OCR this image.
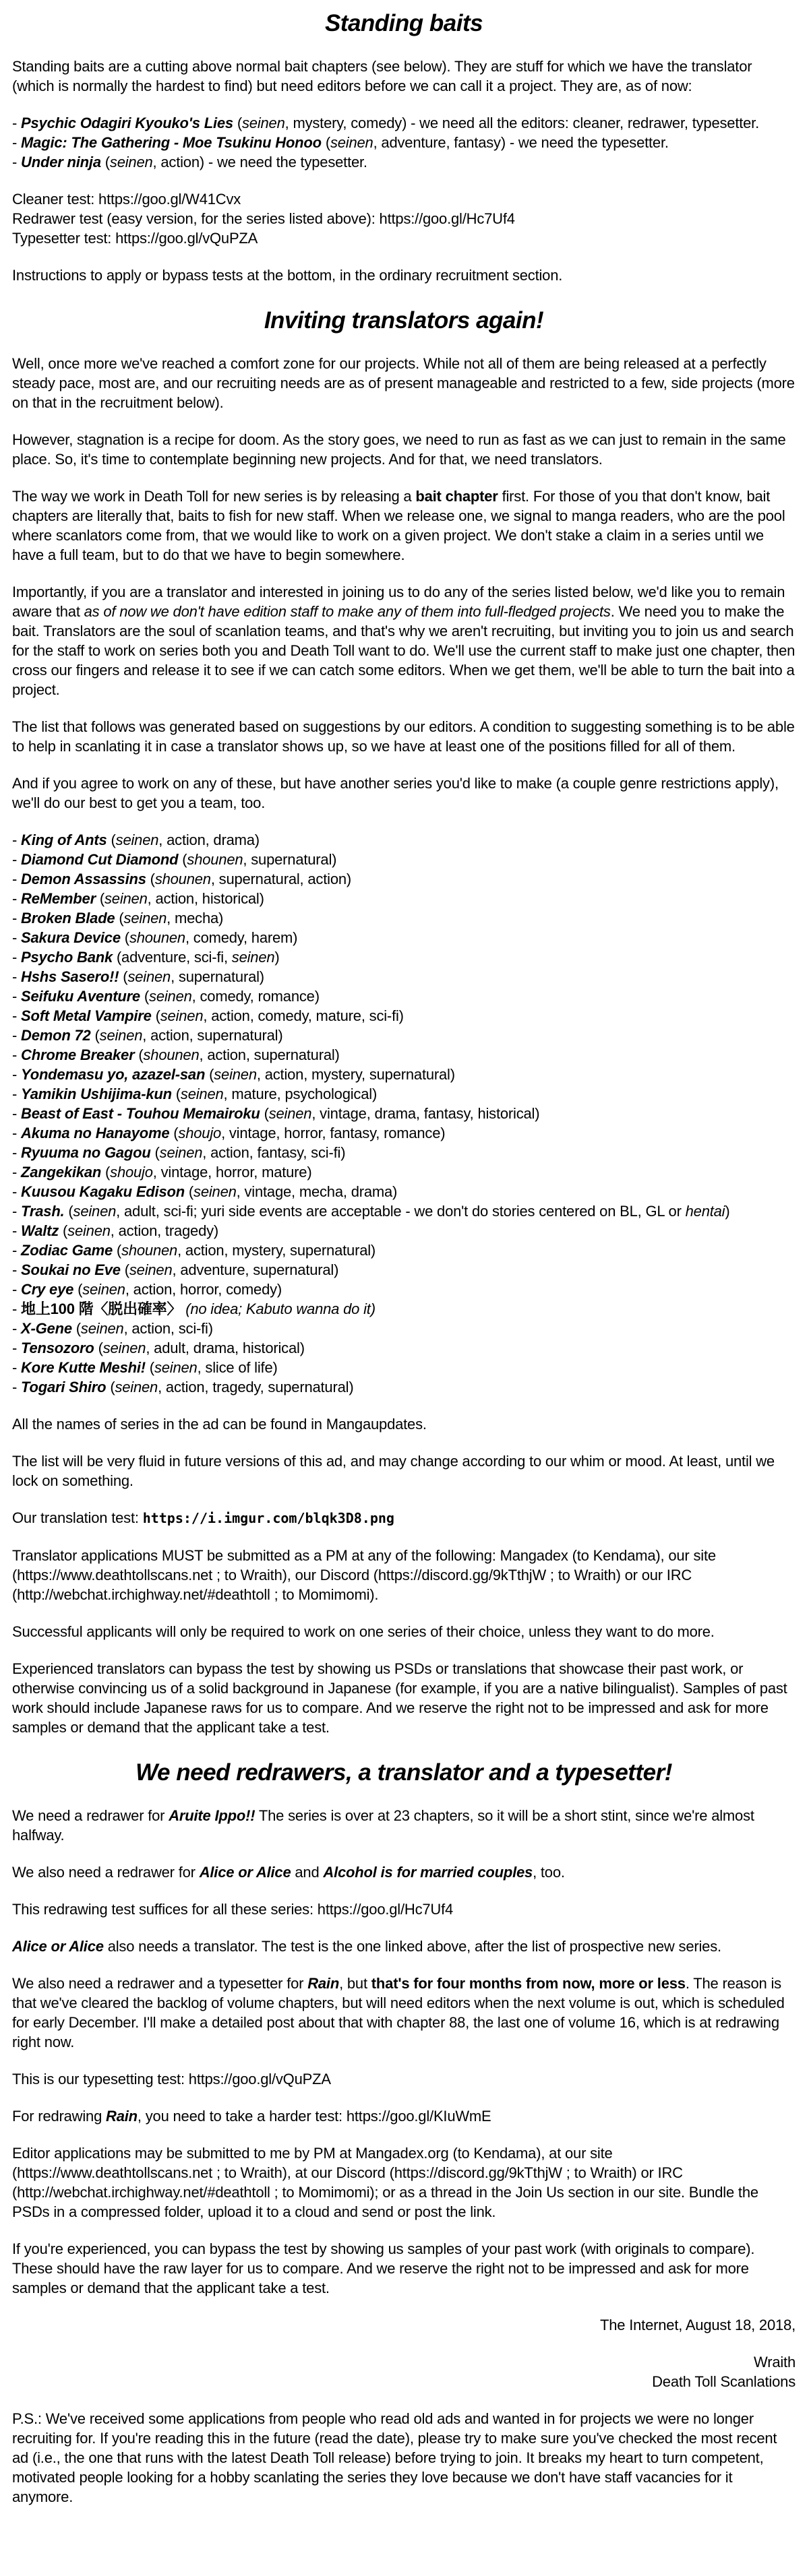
Standing baits
Standing baits are a cutting above normal bait chapters (see below). They are stuff for which we have the translator (which is normally the hardest to find) but need editors before we can call it a project. They are, as of now:
- Psychic Odagiri Kyouko's Lies (seinen, mystery, comedy) - we need all the editors: cleaner, redrawer, typesetter.
- Magic: The Gathering - Moe Tsukinu Honoo (seinen, adventure, fantasy) - we need the typesetter.
- Under ninja (seinen, action) - we need the typesetter.
Cleaner test: https://goo.gl/W41Cvx
Redrawer test (easy version, for the series listed above): https://goo.gl/Hc7Uf4
Typesetter test: https://goo.gl/vQuPZA
Instructions to apply or bypass tests at the bottom, in the ordinary recruitment section.
Inviting translators again!
Well, once more we've reached a comfort zone for our projects. While not all of them are being released at a perfectly steady pace, most are, and our recruiting needs are as of present manageable and restricted to a few, side projects (more on that in the recruitment below).
However, stagnation is a recipe for doom. As the story goes, we need to run as fast as we can just to remain in the same place. So, it's time to contemplate beginning new projects. And for that, we need translators.
The way we work in Death Toll for new series is by releasing a bait chapter first. For those of you that don't know, bait chapters are literally that, baits to fish for new staff. When we release one, we signal to manga readers, who are the pool where scanlators come from, that we would like to work on a given project. We don't stake a claim in a series until we have a full team, but to do that we have to begin somewhere.
Importantly, if you are a translator and interested in joining us to do any of the series listed below, we'd like you to remain aware that as of now we don't have edition staff to make any of them into full-fledged projects. We need you to make the bait. Translators are the soul of scanlation teams, and that's why we aren't recruiting, but inviting you to join us and search for the staff to work on series both you and Death Toll want to do. We'll use the current staff to make just one chapter, then cross our fingers and release it to see if we can catch some editors. When we get them, we'll be able to turn the bait into a project.
The list that follows was generated based on suggestions by our editors. A condition to suggesting something is to be able to help in scanlating it in case a translator shows up, so we have at least one of the positions filled for all of them.
And if you agree to work on any of these, but have another series you'd like to make (a couple genre restrictions apply), we'll do our best to get you a team, too.
- King of Ants (seinen, action, drama)
- Diamond Cut Diamond (shounen, supernatural)
- Demon Assassins (shounen, supernatural, action)
- ReMember (seinen, action, historical)
- Broken Blade (seinen, mecha)
- Sakura Device (shounen, comedy, harem)
- Psycho Bank (adventure, sci-fi, seinen)
- Hshs Sasero!! (seinen, supernatural)
- Seifuku Aventure (seinen, comedy, romance)
- Soft Metal Vampire (seinen, action, comedy, mature, sci-fi)
- Demon 72 (seinen, action, supernatural)
- Chrome Breaker (shounen, action, supernatural)
- Yondemasu yo, azazel-san (seinen, action, mystery, supernatural)
- Yamikin Ushijima-kun (seinen, mature, psychological)
- Beast of East - Touhou Memairoku (seinen, vintage, drama, fantasy, historical)
- Akuma no Hanayome (shoujo, vintage, horror, fantasy, romance)
- Ryuuma no Gagou (seinen, action, fantasy, sci-fi)
- Zangekikan (shoujo, vintage, horror, mature)
- Kuusou Kagaku Edison (seinen, vintage, mecha, drama)
- Trash. (seinen, adult, sci-fi; yuri side events are acceptable - we don't do stories centered on BL, GL or hentai)
- Waltz (seinen, action, tragedy)
- Zodiac Game (shounen, action, mystery, supernatural)
- Soukai no Eve (seinen, adventure, supernatural)
- Cry eye (seinen, action, horror, comedy)
- 地上100 階〈脱出確率〉 (no idea; Kabuto wanna do it)
- X-Gene (seinen, action, sci-fi)
- Tensozoro (seinen, adult, drama, historical)
- Kore Kutte Meshi! (seinen, slice of life)
- Togari Shiro (seinen, action, tragedy, supernatural)
All the names of series in the ad can be found in Mangaupdates.
The list will be very fluid in future versions of this ad, and may change according to our whim or mood. At least, until we lock on something.
Our translation test: https://i.imgur.com/blqk3D8.png
Translator applications MUST be submitted as a PM at any of the following: Mangadex (to Kendama), our site (https://www.deathtollscans.net ; to Wraith), our Discord (https://discord.gg/9kTthjW ; to Wraith) or our IRC (http://webchat.irchighway.net/#deathtoll ; to Momimomi).
Successful applicants will only be required to work on one series of their choice, unless they want to do more.
Experienced translators can bypass the test by showing us PSDs or translations that showcase their past work, or otherwise convincing us of a solid background in Japanese (for example, if you are a native bilingualist). Samples of past work should include Japanese raws for us to compare. And we reserve the right not to be impressed and ask for more samples or demand that the applicant take a test.
We need redrawers, a translator and a typesetter!
We need a redrawer for Aruite Ippo!! The series is over at 23 chapters, so it will be a short stint, since we're almost halfway.
We also need a redrawer for Alice or Alice and Alcohol is for married couples, too.
This redrawing test suffices for all these series: https://goo.gl/Hc7Uf4
Alice or Alice also needs a translator. The test is the one linked above, after the list of prospective new series.
We also need a redrawer and a typesetter for Rain, but that's for four months from now, more or less. The reason is that we've cleared the backlog of volume chapters, but will need editors when the next volume is out, which is scheduled for early December. I'll make a detailed post about that with chapter 88, the last one of volume 16, which is at redrawing right now.
This is our typesetting test: https://goo.gl/vQuPZA
For redrawing Rain, you need to take a harder test: https://goo.gl/KIuWmE
Editor applications may be submitted to me by PM at Mangadex.org (to Kendama), at our site (https://www.deathtollscans.net ; to Wraith), at our Discord (https://discord.gg/9kTthjW ; to Wraith) or IRC (http://webchat.irchighway.net/#deathtoll ; to Momimomi); or as a thread in the Join Us section in our site. Bundle the PSDs in a compressed folder, upload it to a cloud and send or post the link.
If you're experienced, you can bypass the test by showing us samples of your past work (with originals to compare). These should have the raw layer for us to compare. And we reserve the right not to be impressed and ask for more samples or demand that the applicant take a test.
The Internet, August 18, 2018,
Wraith
Death Toll Scanlations
P.S.: We've received some applications from people who read old ads and wanted in for projects we were no longer recruiting for. If you're reading this in the future (read the date), please try to make sure you've checked the most recent ad (i.e., the one that runs with the latest Death Toll release) before trying to join. It breaks my heart to turn competent, motivated people looking for a hobby scanlating the series they love because we don't have staff vacancies for it anymore.
